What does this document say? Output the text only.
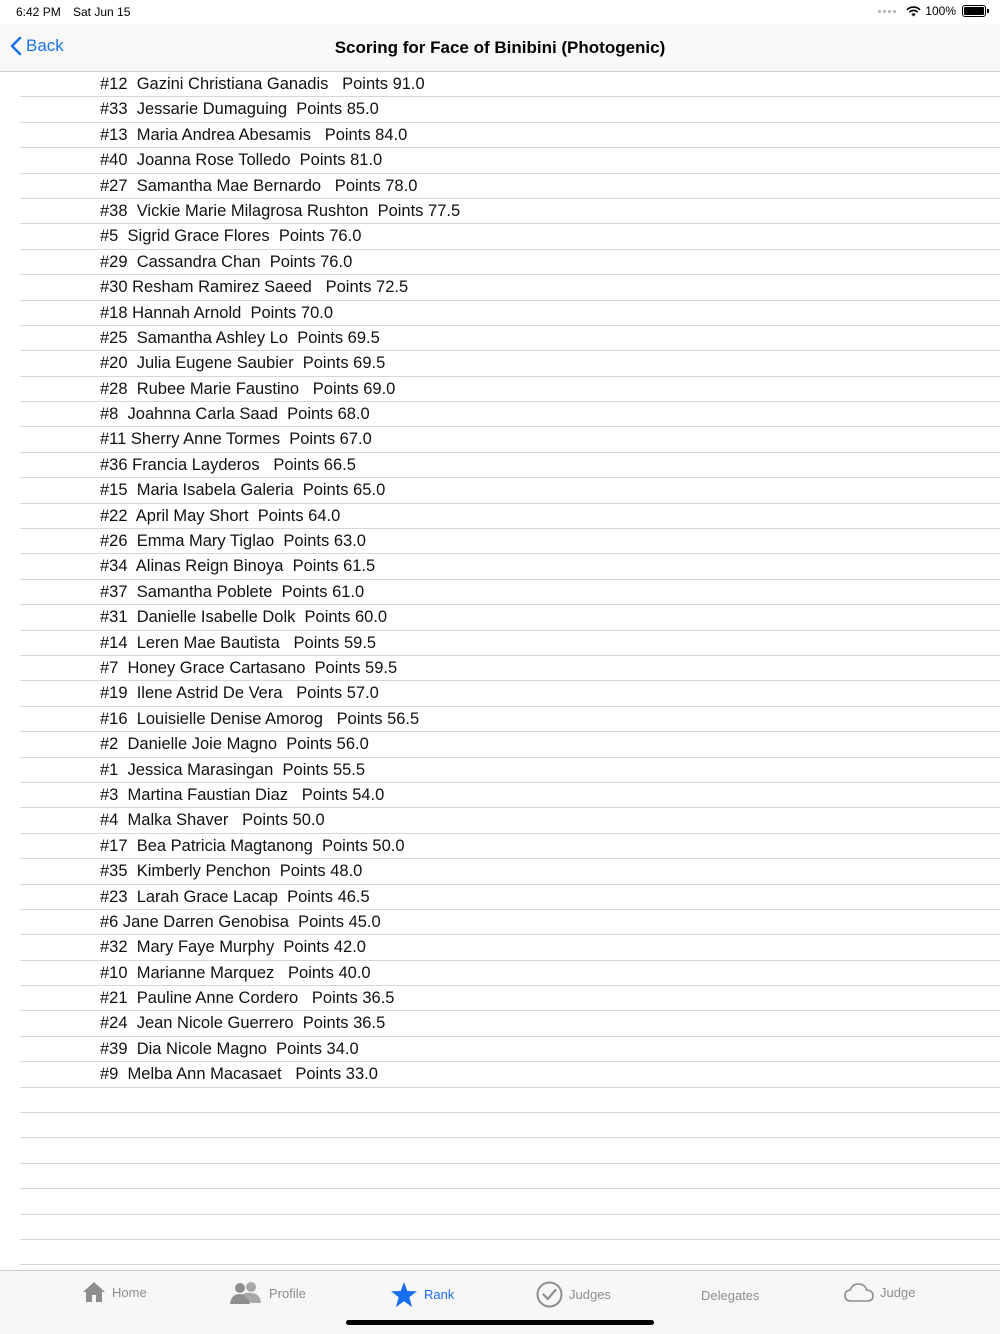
6:42 PM Sat Jun 15	100%
Back	Scoring for Face of Binibini (Photogenic)
#12  Gazini Christiana Ganadis   Points 91.0
#33  Jessarie Dumaguing  Points 85.0
#13  Maria Andrea Abesamis   Points 84.0
#40  Joanna Rose Tolledo  Points 81.0
#27  Samantha Mae Bernardo   Points 78.0
#38  Vickie Marie Milagrosa Rushton  Points 77.5
#5  Sigrid Grace Flores  Points 76.0
#29  Cassandra Chan  Points 76.0
#30 Resham Ramirez Saeed   Points 72.5
#18 Hannah Arnold  Points 70.0
#25  Samantha Ashley Lo  Points 69.5
#20  Julia Eugene Saubier  Points 69.5
#28  Rubee Marie Faustino   Points 69.0
#8  Joahnna Carla Saad  Points 68.0
#11 Sherry Anne Tormes  Points 67.0
#36 Francia Layderos   Points 66.5
#15  Maria Isabela Galeria  Points 65.0
#22  April May Short  Points 64.0
#26  Emma Mary Tiglao  Points 63.0
#34  Alinas Reign Binoya  Points 61.5
#37  Samantha Poblete  Points 61.0
#31  Danielle Isabelle Dolk  Points 60.0
#14  Leren Mae Bautista   Points 59.5
#7  Honey Grace Cartasano  Points 59.5
#19  Ilene Astrid De Vera   Points 57.0
#16  Louisielle Denise Amorog   Points 56.5
#2  Danielle Joie Magno  Points 56.0
#1  Jessica Marasingan  Points 55.5
#3  Martina Faustian Diaz   Points 54.0
#4  Malka Shaver   Points 50.0
#17  Bea Patricia Magtanong  Points 50.0
#35  Kimberly Penchon  Points 48.0
#23  Larah Grace Lacap  Points 46.5
#6 Jane Darren Genobisa  Points 45.0
#32  Mary Faye Murphy  Points 42.0
#10  Marianne Marquez   Points 40.0
#21  Pauline Anne Cordero   Points 36.5
#24  Jean Nicole Guerrero  Points 36.5
#39  Dia Nicole Magno  Points 34.0
#9  Melba Ann Macasaet   Points 33.0
Home	Profile	Rank	Judges	Delegates	Judge
